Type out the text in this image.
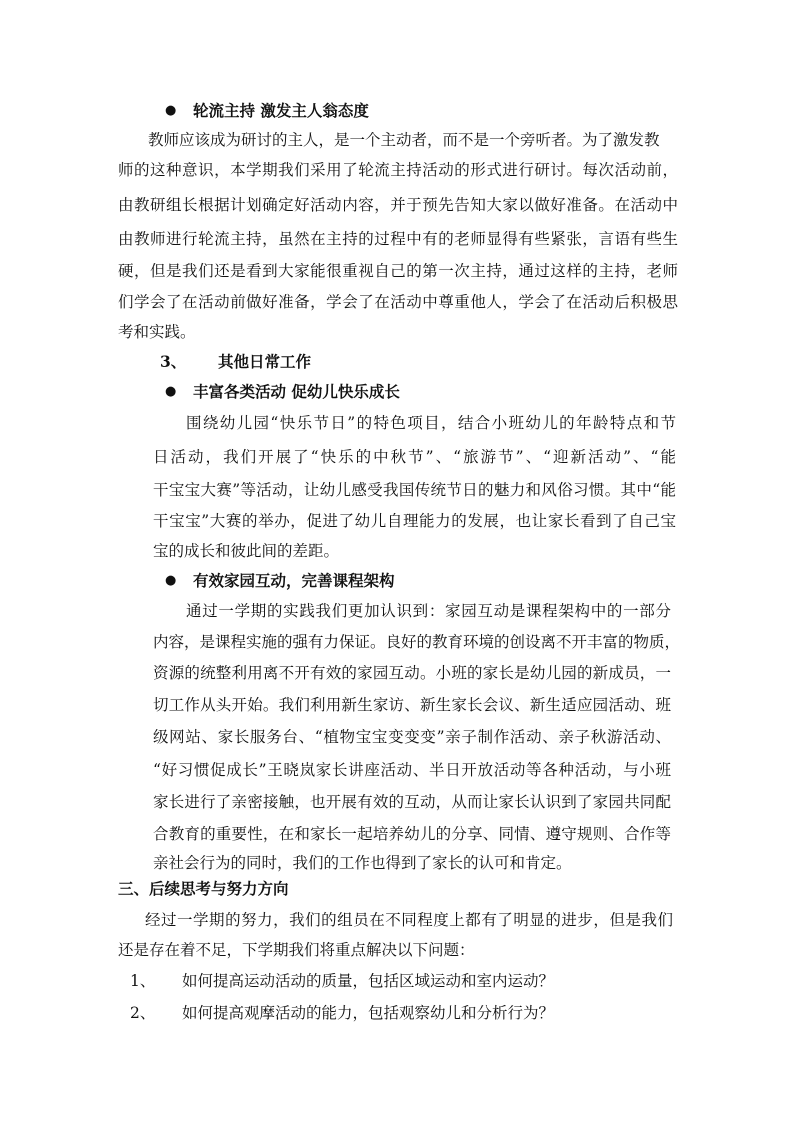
● 轮流主持 激发主人翁态度
教师应该成为研讨的主人，是一个主动者，而不是一个旁听者。为了激发教
师的这种意识，本学期我们采用了轮流主持活动的形式进行研讨。每次活动前，
由教研组长根据计划确定好活动内容，并于预先告知大家以做好准备。在活动中
由教师进行轮流主持，虽然在主持的过程中有的老师显得有些紧张，言语有些生
硬，但是我们还是看到大家能很重视自己的第一次主持，通过这样的主持，老师
们学会了在活动前做好准备，学会了在活动中尊重他人，学会了在活动后积极思
考和实践。
3、 其他日常工作
● 丰富各类活动 促幼儿快乐成长
围绕幼儿园“快乐节日”的特色项目，结合小班幼儿的年龄特点和节
日活动，我们开展了“快乐的中秋节”、“旅游节”、“迎新活动”、“能
干宝宝大赛”等活动，让幼儿感受我国传统节日的魅力和风俗习惯。其中“能
干宝宝”大赛的举办，促进了幼儿自理能力的发展，也让家长看到了自己宝
宝的成长和彼此间的差距。
● 有效家园互动，完善课程架构
通过一学期的实践我们更加认识到：家园互动是课程架构中的一部分
内容，是课程实施的强有力保证。良好的教育环境的创设离不开丰富的物质，
资源的统整利用离不开有效的家园互动。小班的家长是幼儿园的新成员，一
切工作从头开始。我们利用新生家访、新生家长会议、新生适应园活动、班
级网站、家长服务台、“植物宝宝变变变”亲子制作活动、亲子秋游活动、
“好习惯促成长”王晓岚家长讲座活动、半日开放活动等各种活动，与小班
家长进行了亲密接触，也开展有效的互动，从而让家长认识到了家园共同配
合教育的重要性，在和家长一起培养幼儿的分享、同情、遵守规则、合作等
亲社会行为的同时，我们的工作也得到了家长的认可和肯定。
三、后续思考与努力方向
经过一学期的努力，我们的组员在不同程度上都有了明显的进步，但是我们
还是存在着不足，下学期我们将重点解决以下问题：
1、 如何提高运动活动的质量，包括区域运动和室内运动？
2、 如何提高观摩活动的能力，包括观察幼儿和分析行为？
